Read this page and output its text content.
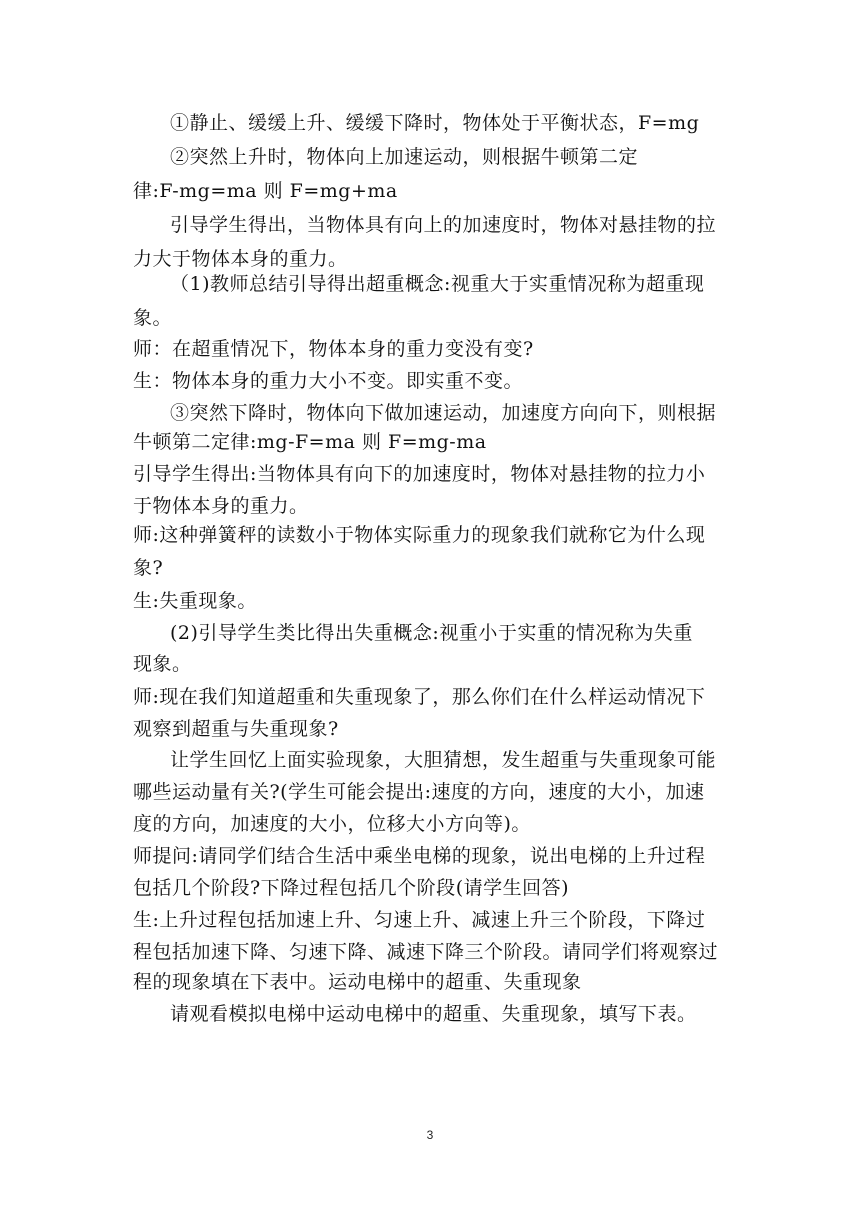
①静止、缓缓上升、缓缓下降时，物体处于平衡状态，F=mg
②突然上升时，物体向上加速运动，则根据牛顿第二定
律:F-mg=ma 则 F=mg+ma
引导学生得出，当物体具有向上的加速度时，物体对悬挂物的拉
力大于物体本身的重力。
（1)教师总结引导得出超重概念:视重大于实重情况称为超重现
象。
师：在超重情况下，物体本身的重力变没有变?
生：物体本身的重力大小不变。即实重不变。
③突然下降时，物体向下做加速运动，加速度方向向下，则根据
牛顿第二定律:mg-F=ma 则 F=mg-ma
引导学生得出:当物体具有向下的加速度时，物体对悬挂物的拉力小
于物体本身的重力。
师:这种弹簧秤的读数小于物体实际重力的现象我们就称它为什么现
象?
生:失重现象。
(2)引导学生类比得出失重概念:视重小于实重的情况称为失重
现象。
师:现在我们知道超重和失重现象了，那么你们在什么样运动情况下
观察到超重与失重现象?
让学生回忆上面实验现象，大胆猜想，发生超重与失重现象可能
哪些运动量有关?(学生可能会提出:速度的方向，速度的大小，加速
度的方向，加速度的大小，位移大小方向等)。
师提问:请同学们结合生活中乘坐电梯的现象，说出电梯的上升过程
包括几个阶段?下降过程包括几个阶段(请学生回答)
生:上升过程包括加速上升、匀速上升、减速上升三个阶段，下降过
程包括加速下降、匀速下降、减速下降三个阶段。请同学们将观察过
程的现象填在下表中。运动电梯中的超重、失重现象
请观看模拟电梯中运动电梯中的超重、失重现象，填写下表。
3
